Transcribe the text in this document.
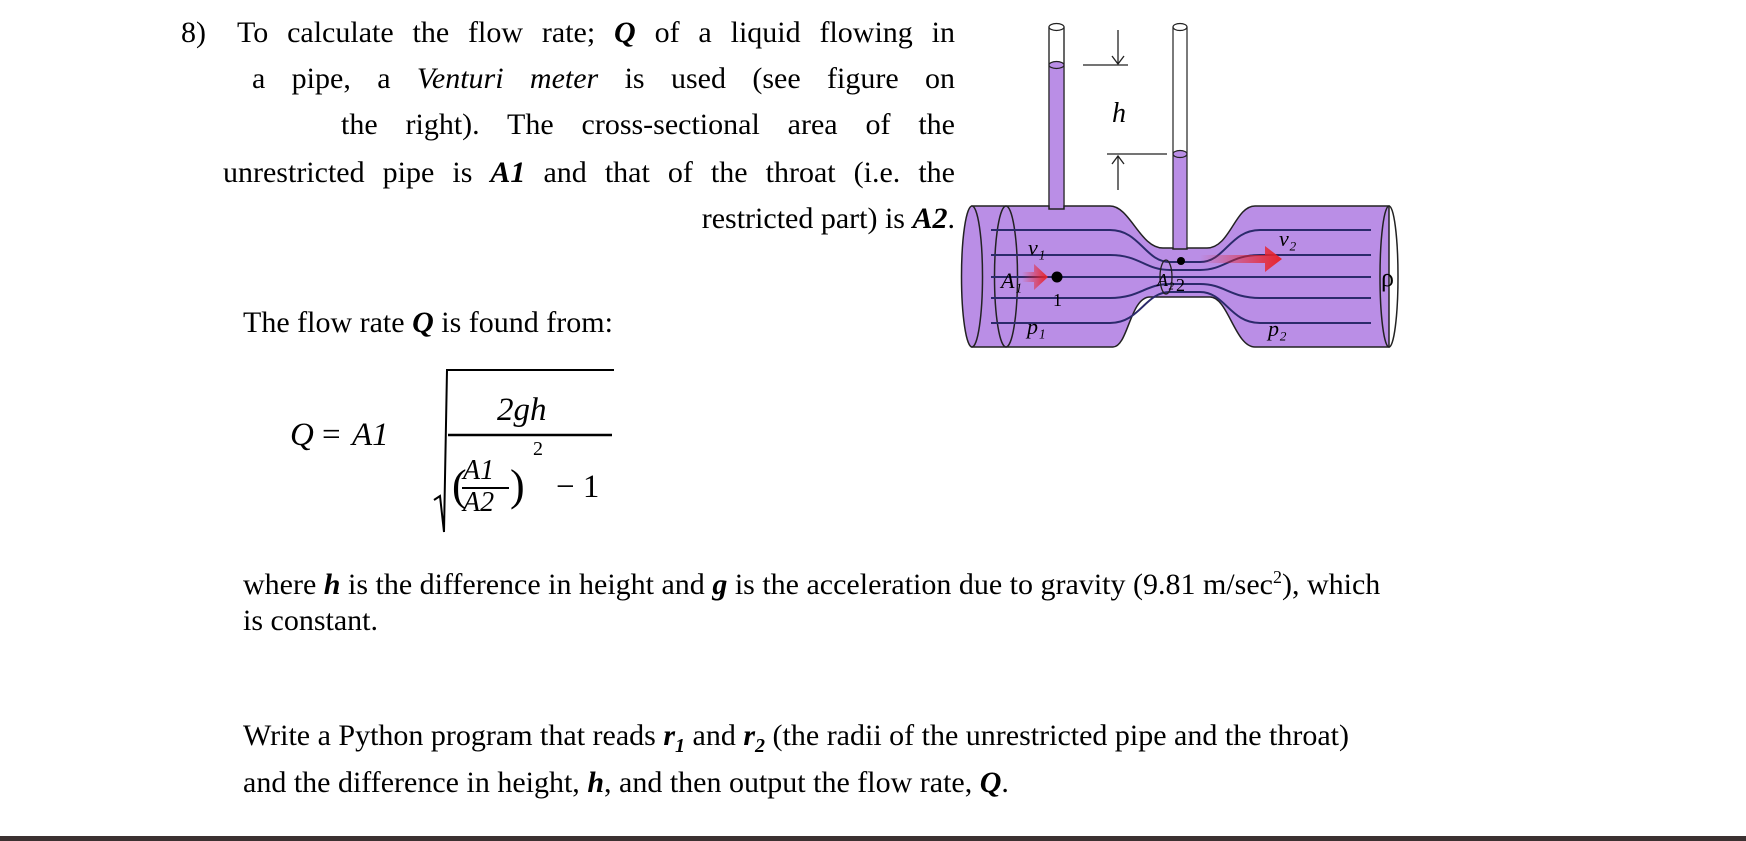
8) To calculate the flow rate; Q of a liquid flowing in
a pipe, a Venturi meter is used (see figure on
the right). The cross-sectional area of the
unrestricted pipe is A1 and that of the throat (i.e. the
restricted part) is A2.
The flow rate Q is found from:
Q = A1
( )
2gh
A1
A2
2
− 1
where h is the difference in height and g is the acceleration due to gravity (9.81 $m/\sec^2$), which
is constant.
Write a Python program that reads $r_1$ and $r_2$ (the radii of the unrestricted pipe and the throat)
and the difference in height, h, and then output the flow rate, Q.
h
v₁	v₂
A₁	A₂
p₁	p₂
1
2	ρ
